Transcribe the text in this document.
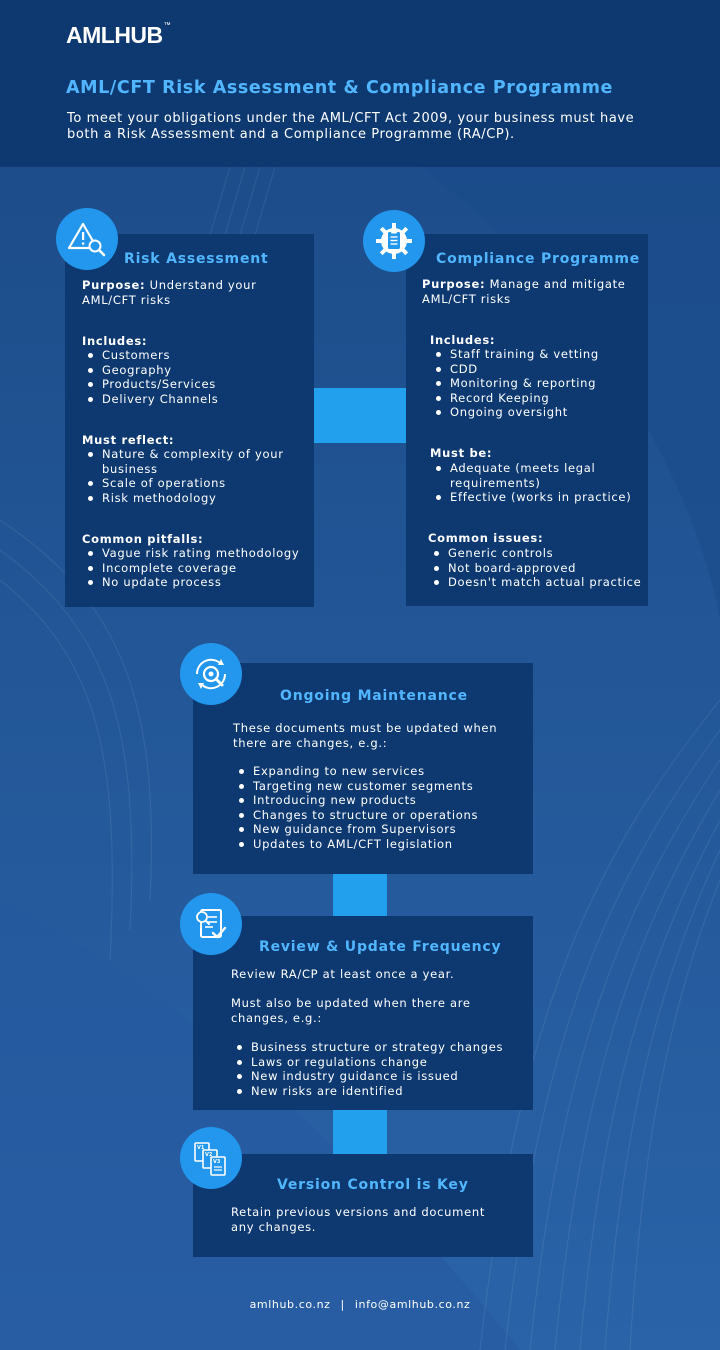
AMLHUB™
AML/CFT Risk Assessment & Compliance Programme

To meet your obligations under the AML/CFT Act 2009, your business must have both a Risk Assessment and a Compliance Programme (RA/CP).

Risk Assessment

Purpose: Understand your AML/CFT risks

Includes:

Customers
Geography
Products/Services
Delivery Channels

Must reflect:

Nature & complexity of your business
Scale of operations
Risk methodology

Common pitfalls:

Vague risk rating methodology
Incomplete coverage
No update process
Compliance Programme

Purpose: Manage and mitigate AML/CFT risks

Includes:

Staff training & vetting
CDD
Monitoring & reporting
Record Keeping
Ongoing oversight

Must be:

Adequate (meets legal requirements)
Effective (works in practice)

Common issues:

Generic controls
Not board-approved
Doesn't match actual practice
Ongoing Maintenance

These documents must be updated when there are changes, e.g.:

Expanding to new services
Targeting new customer segments
Introducing new products
Changes to structure or operations
New guidance from Supervisors
Updates to AML/CFT legislation
Review & Update Frequency

Review RA/CP at least once a year.

Must also be updated when there are changes, e.g.:

Business structure or strategy changes
Laws or regulations change
New industry guidance is issued
New risks are identified
V1
V2
V3
Version Control is Key

Retain previous versions and document any changes.

amlhub.co.nz | info@amlhub.co.nz
